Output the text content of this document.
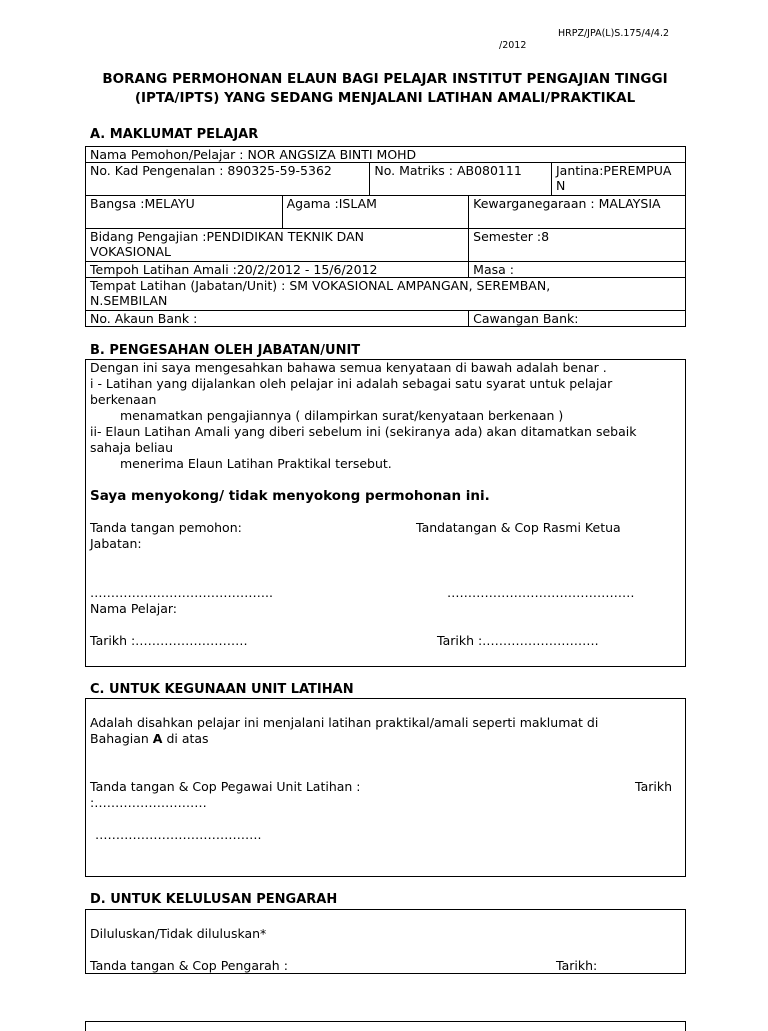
HRPZ/JPA(L)S.175/4/4.2
/2012
BORANG PERMOHONAN ELAUN BAGI PELAJAR INSTITUT PENGAJIAN TINGGI
(IPTA/IPTS) YANG SEDANG MENJALANI LATIHAN AMALI/PRAKTIKAL
A. MAKLUMAT PELAJAR
Nama Pemohon/Pelajar : NOR ANGSIZA BINTI MOHD				
No. Kad Pengenalan : 890325-59-5362		No. Matriks : AB080111		Jantina:PEREMPUAN

Bangsa :MELAYU	Agama :ISLAM		Kewarganegaraan : MALAYSIA	

Bidang Pengajian :PENDIDIKAN TEKNIK DAN VOKASIONAL			Semester :8	
Tempoh Latihan Amali :20/2/2012 - 15/6/2012			Masa :	

Tempat Latihan (Jabatan/Unit) : SM VOKASIONAL AMPANGAN, SEREMBAN, N.SEMBILAN				

No. Akaun Bank :			Cawangan Bank:	
B. PENGESAHAN OLEH JABATAN/UNIT
Dengan ini saya mengesahkan bahawa semua kenyataan di bawah adalah benar .
i - Latihan yang dijalankan oleh pelajar ini adalah sebagai satu syarat untuk pelajar berkenaan
menamatkan pengajiannya ( dilampirkan surat/kenyataan berkenaan )
ii- Elaun Latihan Amali yang diberi sebelum ini (sekiranya ada) akan ditamatkan sebaik sahaja beliau
menerima Elaun Latihan Praktikal tersebut.
Saya menyokong/ tidak menyokong permohonan ini.
Tanda tangan pemohon:	Tandatangan & Cop Rasmi Ketua
Jabatan:
……………………………………..	………………………………………
Nama Pelajar:
Tarikh :………………………	Tarikh :……………………….
C. UNTUK KEGUNAAN UNIT LATIHAN
Adalah disahkan pelajar ini menjalani latihan praktikal/amali seperti maklumat di Bahagian A di atas
Tanda tangan & Cop Pegawai Unit Latihan :	Tarikh
:………………………
………………………………….
D. UNTUK KELULUSAN PENGARAH
Diluluskan/Tidak diluluskan*
Tanda tangan & Cop Pengarah :	Tarikh:
